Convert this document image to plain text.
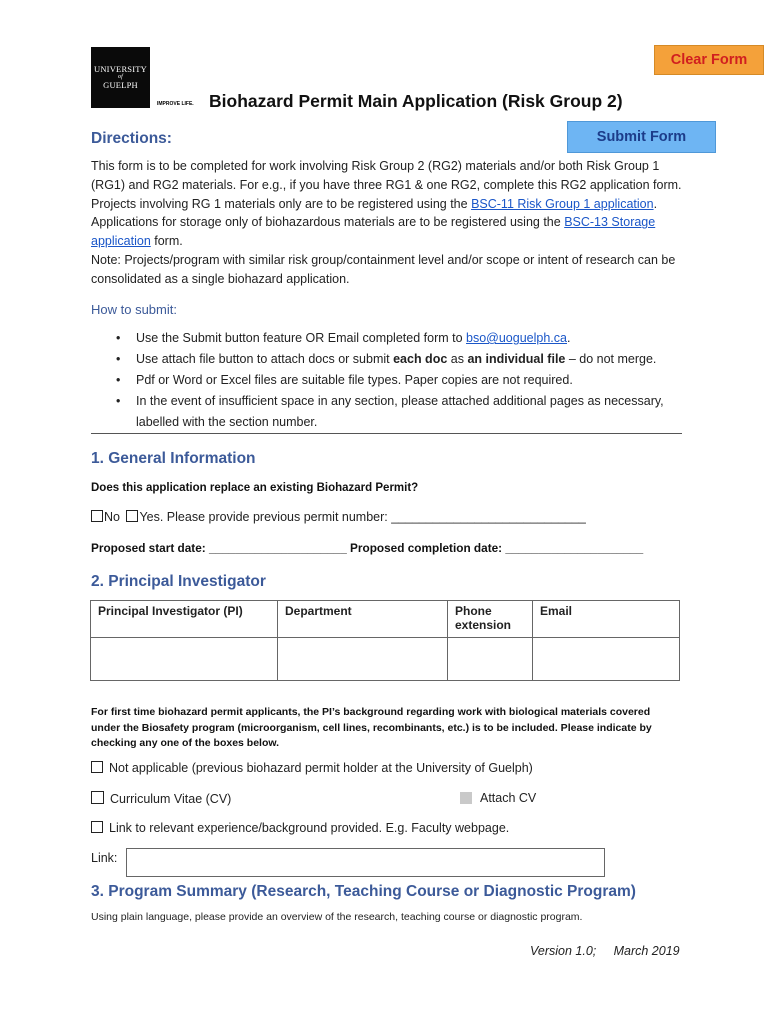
UNIVERSITY
of
GUELPH
IMPROVE LIFE. Biohazard Permit Main Application (Risk Group 2)
Clear Form
Submit Form
Directions:
This form is to be completed for work involving Risk Group 2 (RG2) materials and/or both Risk Group 1 (RG1) and RG2 materials. For e.g., if you have three RG1 & one RG2, complete this RG2 application form.
Projects involving RG 1 materials only are to be registered using the BSC-11 Risk Group 1 application.
Applications for storage only of biohazardous materials are to be registered using the BSC-13 Storage application form.
Note: Projects/program with similar risk group/containment level and/or scope or intent of research can be consolidated as a single biohazard application.
How to submit:
• Use the Submit button feature OR Email completed form to bso@uoguelph.ca.
• Use attach file button to attach docs or submit each doc as an individual file – do not merge.
• Pdf or Word or Excel files are suitable file types. Paper copies are not required.
• In the event of insufficient space in any section, please attached additional pages as necessary, labelled with the section number.
1. General Information
Does this application replace an existing Biohazard Permit?
No Yes. Please provide previous permit number: ____________________________
Proposed start date: _____________________ Proposed completion date: _____________________
2. Principal Investigator
Principal Investigator (PI)	Department	Phone extension	Email

For first time biohazard permit applicants, the PI’s background regarding work with biological materials covered under the Biosafety program (microorganism, cell lines, recombinants, etc.) is to be included. Please indicate by checking any one of the boxes below.
Not applicable (previous biohazard permit holder at the University of Guelph)
Curriculum Vitae (CV)	Attach CV
Link to relevant experience/background provided. E.g. Faculty webpage.
Link:
3. Program Summary (Research, Teaching Course or Diagnostic Program)
Using plain language, please provide an overview of the research, teaching course or diagnostic program.
Version 1.0;     March 2019
